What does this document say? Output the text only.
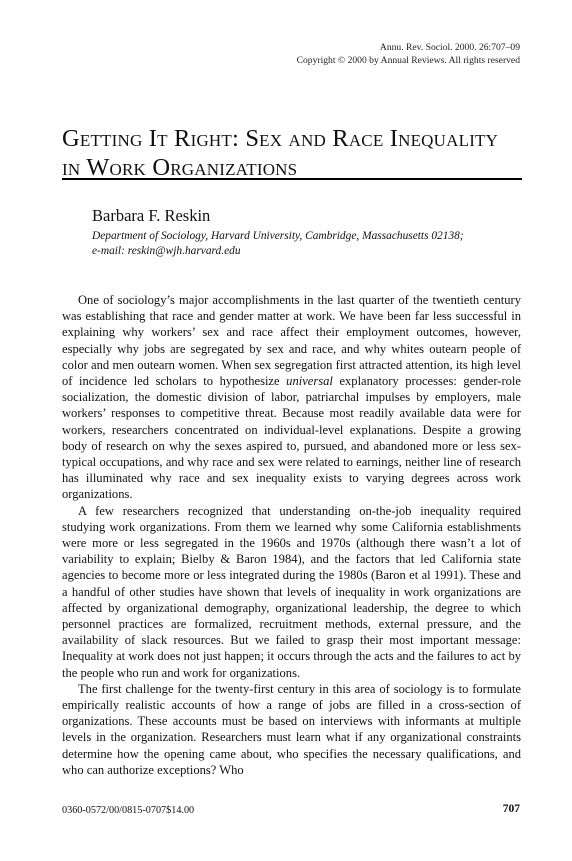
Annu. Rev. Sociol. 2000. 26:707–09
Copyright © 2000 by Annual Reviews. All rights reserved
Getting It Right: Sex and Race Inequality
in Work Organizations
Barbara F. Reskin
Department of Sociology, Harvard University, Cambridge, Massachusetts 02138;
e-mail: reskin@wjh.harvard.edu

One of sociology’s major accomplishments in the last quarter of the twentieth century was establishing that race and gender matter at work. We have been far less successful in explaining why workers’ sex and race affect their employment outcomes, however, especially why jobs are segregated by sex and race, and why whites outearn people of color and men outearn women. When sex segregation first attracted attention, its high level of incidence led scholars to hypothesize universal explanatory processes: gender-role socialization, the domestic division of labor, patriarchal impulses by employers, male workers’ responses to competitive threat. Because most readily available data were for workers, researchers concentrated on individual-level explanations. Despite a growing body of research on why the sexes aspired to, pursued, and abandoned more or less sex-typical occupations, and why race and sex were related to earnings, neither line of research has illuminated why race and sex inequality exists to varying degrees across work organizations.

A few researchers recognized that understanding on-the-job inequality required studying work organizations. From them we learned why some California establishments were more or less segregated in the 1960s and 1970s (although there wasn’t a lot of variability to explain; Bielby & Baron 1984), and the factors that led California state agencies to become more or less integrated during the 1980s (Baron et al 1991). These and a handful of other studies have shown that levels of inequality in work organizations are affected by organizational demography, organizational leadership, the degree to which personnel practices are formalized, recruitment methods, external pressure, and the availability of slack resources. But we failed to grasp their most important message: Inequality at work does not just happen; it occurs through the acts and the failures to act by the people who run and work for organizations.

The first challenge for the twenty-first century in this area of sociology is to formulate empirically realistic accounts of how a range of jobs are filled in a cross-section of organizations. These accounts must be based on interviews with informants at multiple levels in the organization. Researchers must learn what if any organizational constraints determine how the opening came about, who specifies the necessary qualifications, and who can authorize exceptions? Who

0360-0572/00/0815-0707$14.00	707
